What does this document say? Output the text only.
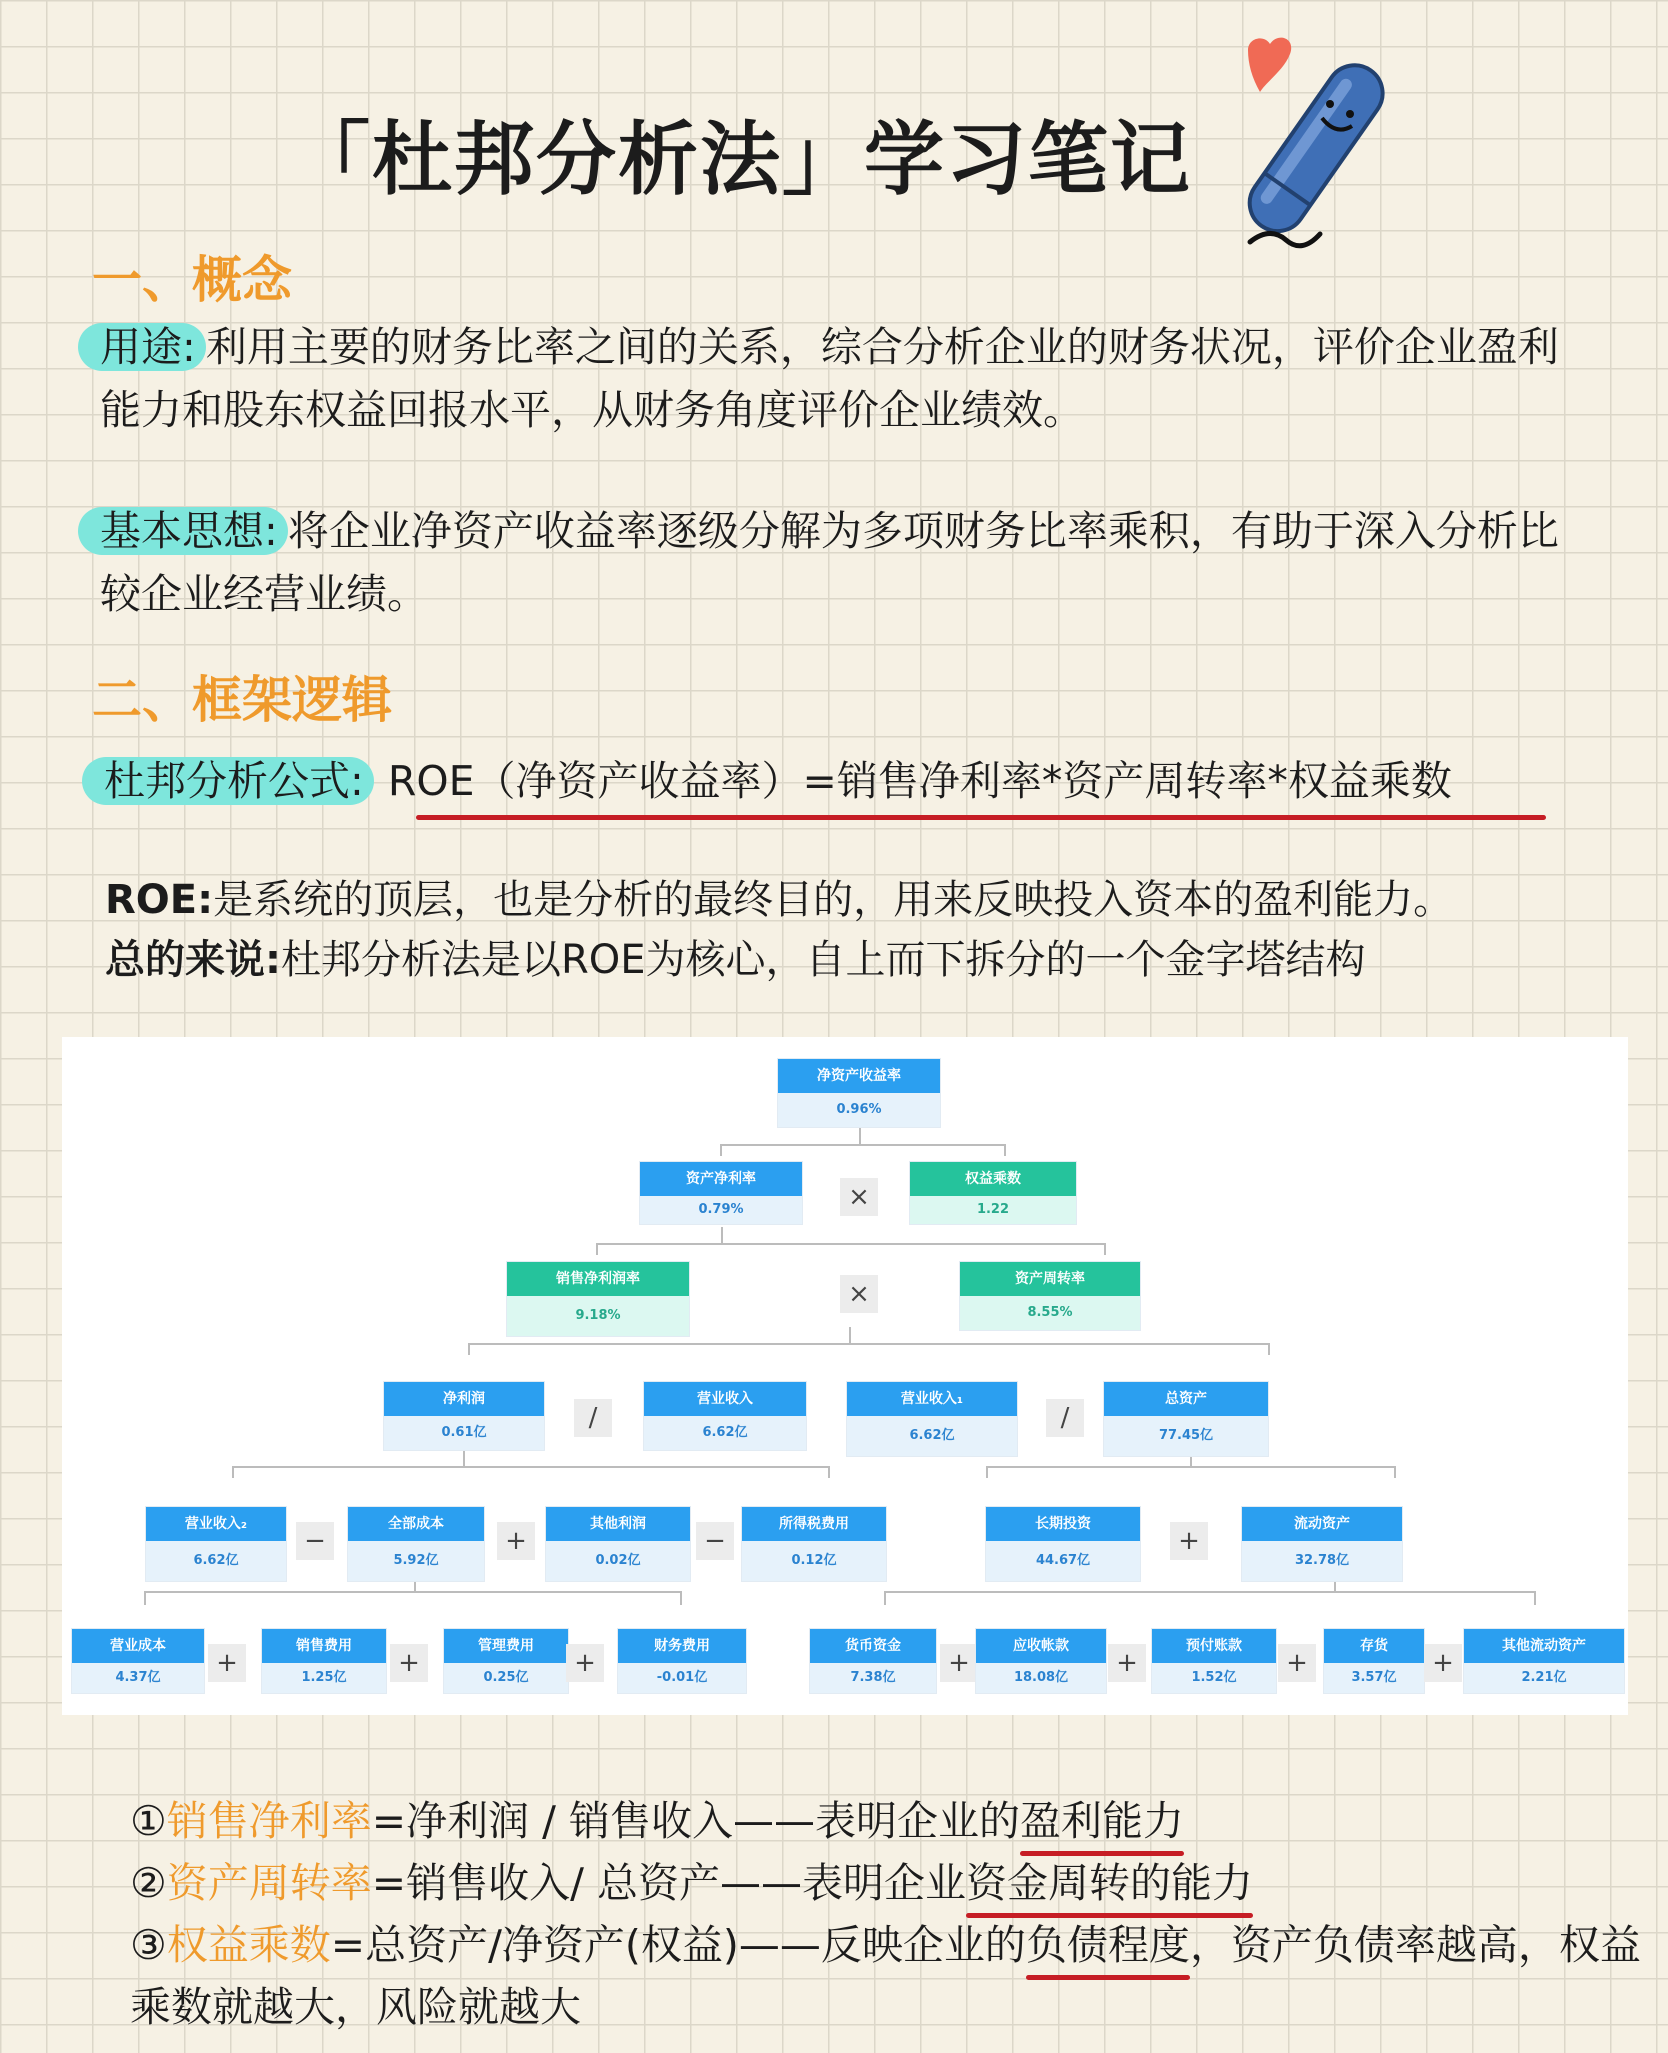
「杜邦分析法」学习笔记
一、概念
用途: 利用主要的财务比率之间的关系，综合分析企业的财务状况，评价企业盈利能力和股东权益回报水平，从财务角度评价企业绩效。
基本思想: 将企业净资产收益率逐级分解为多项财务比率乘积，有助于深入分析比较企业经营业绩。
二、框架逻辑
杜邦分析公式: ROE（净资产收益率）=销售净利率*资产周转率*权益乘数
ROE:是系统的顶层，也是分析的最终目的，用来反映投入资本的盈利能力。
总的来说:杜邦分析法是以ROE为核心，自上而下拆分的一个金字塔结构
净资产收益率
0.96%
资产净利率
0.79%	×
权益乘数
1.22
销售净利润率
9.18%
×	资产周转率
8.55%
净利润
0.61亿	/
营业收入
6.62亿
营业收入₁
6.62亿
/
总资产
77.45亿
营业收入₂
6.62亿
−
全部成本
5.92亿
+
其他利润
0.02亿
−
所得税费用
0.12亿
长期投资
44.67亿
+
流动资产
32.78亿
营业成本
4.37亿	+
销售费用
1.25亿	+
管理费用
0.25亿	+
财务费用
-0.01亿
货币资金
7.38亿	+
应收帐款
18.08亿	+
预付账款
1.52亿	+
存货
3.57亿	+
其他流动资产
2.21亿
①销售净利率=净利润 / 销售收入——表明企业的盈利能力
②资产周转率=销售收入/ 总资产——表明企业资金周转的能力
③权益乘数=总资产/净资产(权益)——反映企业的负债程度，资产负债率越高，权益乘数就越大，风险就越大
